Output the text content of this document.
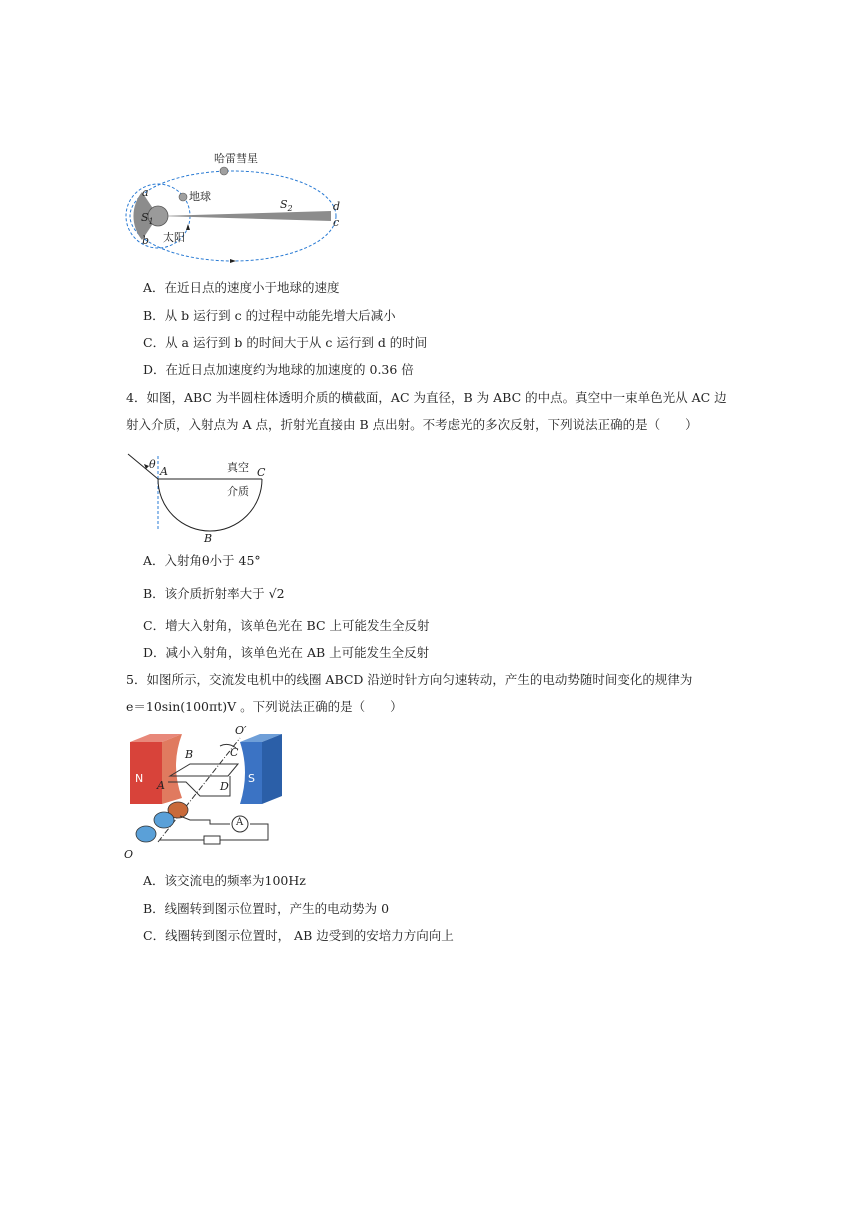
哈雷彗星
地球
太阳
$S_1$
$S_2$
a
b
d
c
A．在近日点的速度小于地球的速度
B．从 b 运行到 c 的过程中动能先增大后减小
C．从 a 运行到 b 的时间大于从 c 运行到 d 的时间
D．在近日点加速度约为地球的加速度的 0.36 倍
4．如图，ABC 为半圆柱体透明介质的横截面，AC 为直径，B 为 ABC 的中点。真空中一束单色光从 AC 边
射入介质，入射点为 A 点，折射光直接由 B 点出射。不考虑光的多次反射，下列说法正确的是（　　）
θ
A	C
B
真空
介质
A．入射角θ小于 45°
B．该介质折射率大于 √2
C．增大入射角，该单色光在 BC 上可能发生全反射
D．减小入射角，该单色光在 AB 上可能发生全反射
5．如图所示，交流发电机中的线圈 ABCD 沿逆时针方向匀速转动，产生的电动势随时间变化的规律为
e＝10sin(100πt)V 。下列说法正确的是（　　）
N	S
A
B	C
D
O′
O
A
A．该交流电的频率为100Hz
B．线圈转到图示位置时，产生的电动势为 0
C．线圈转到图示位置时， AB 边受到的安培力方向向上
